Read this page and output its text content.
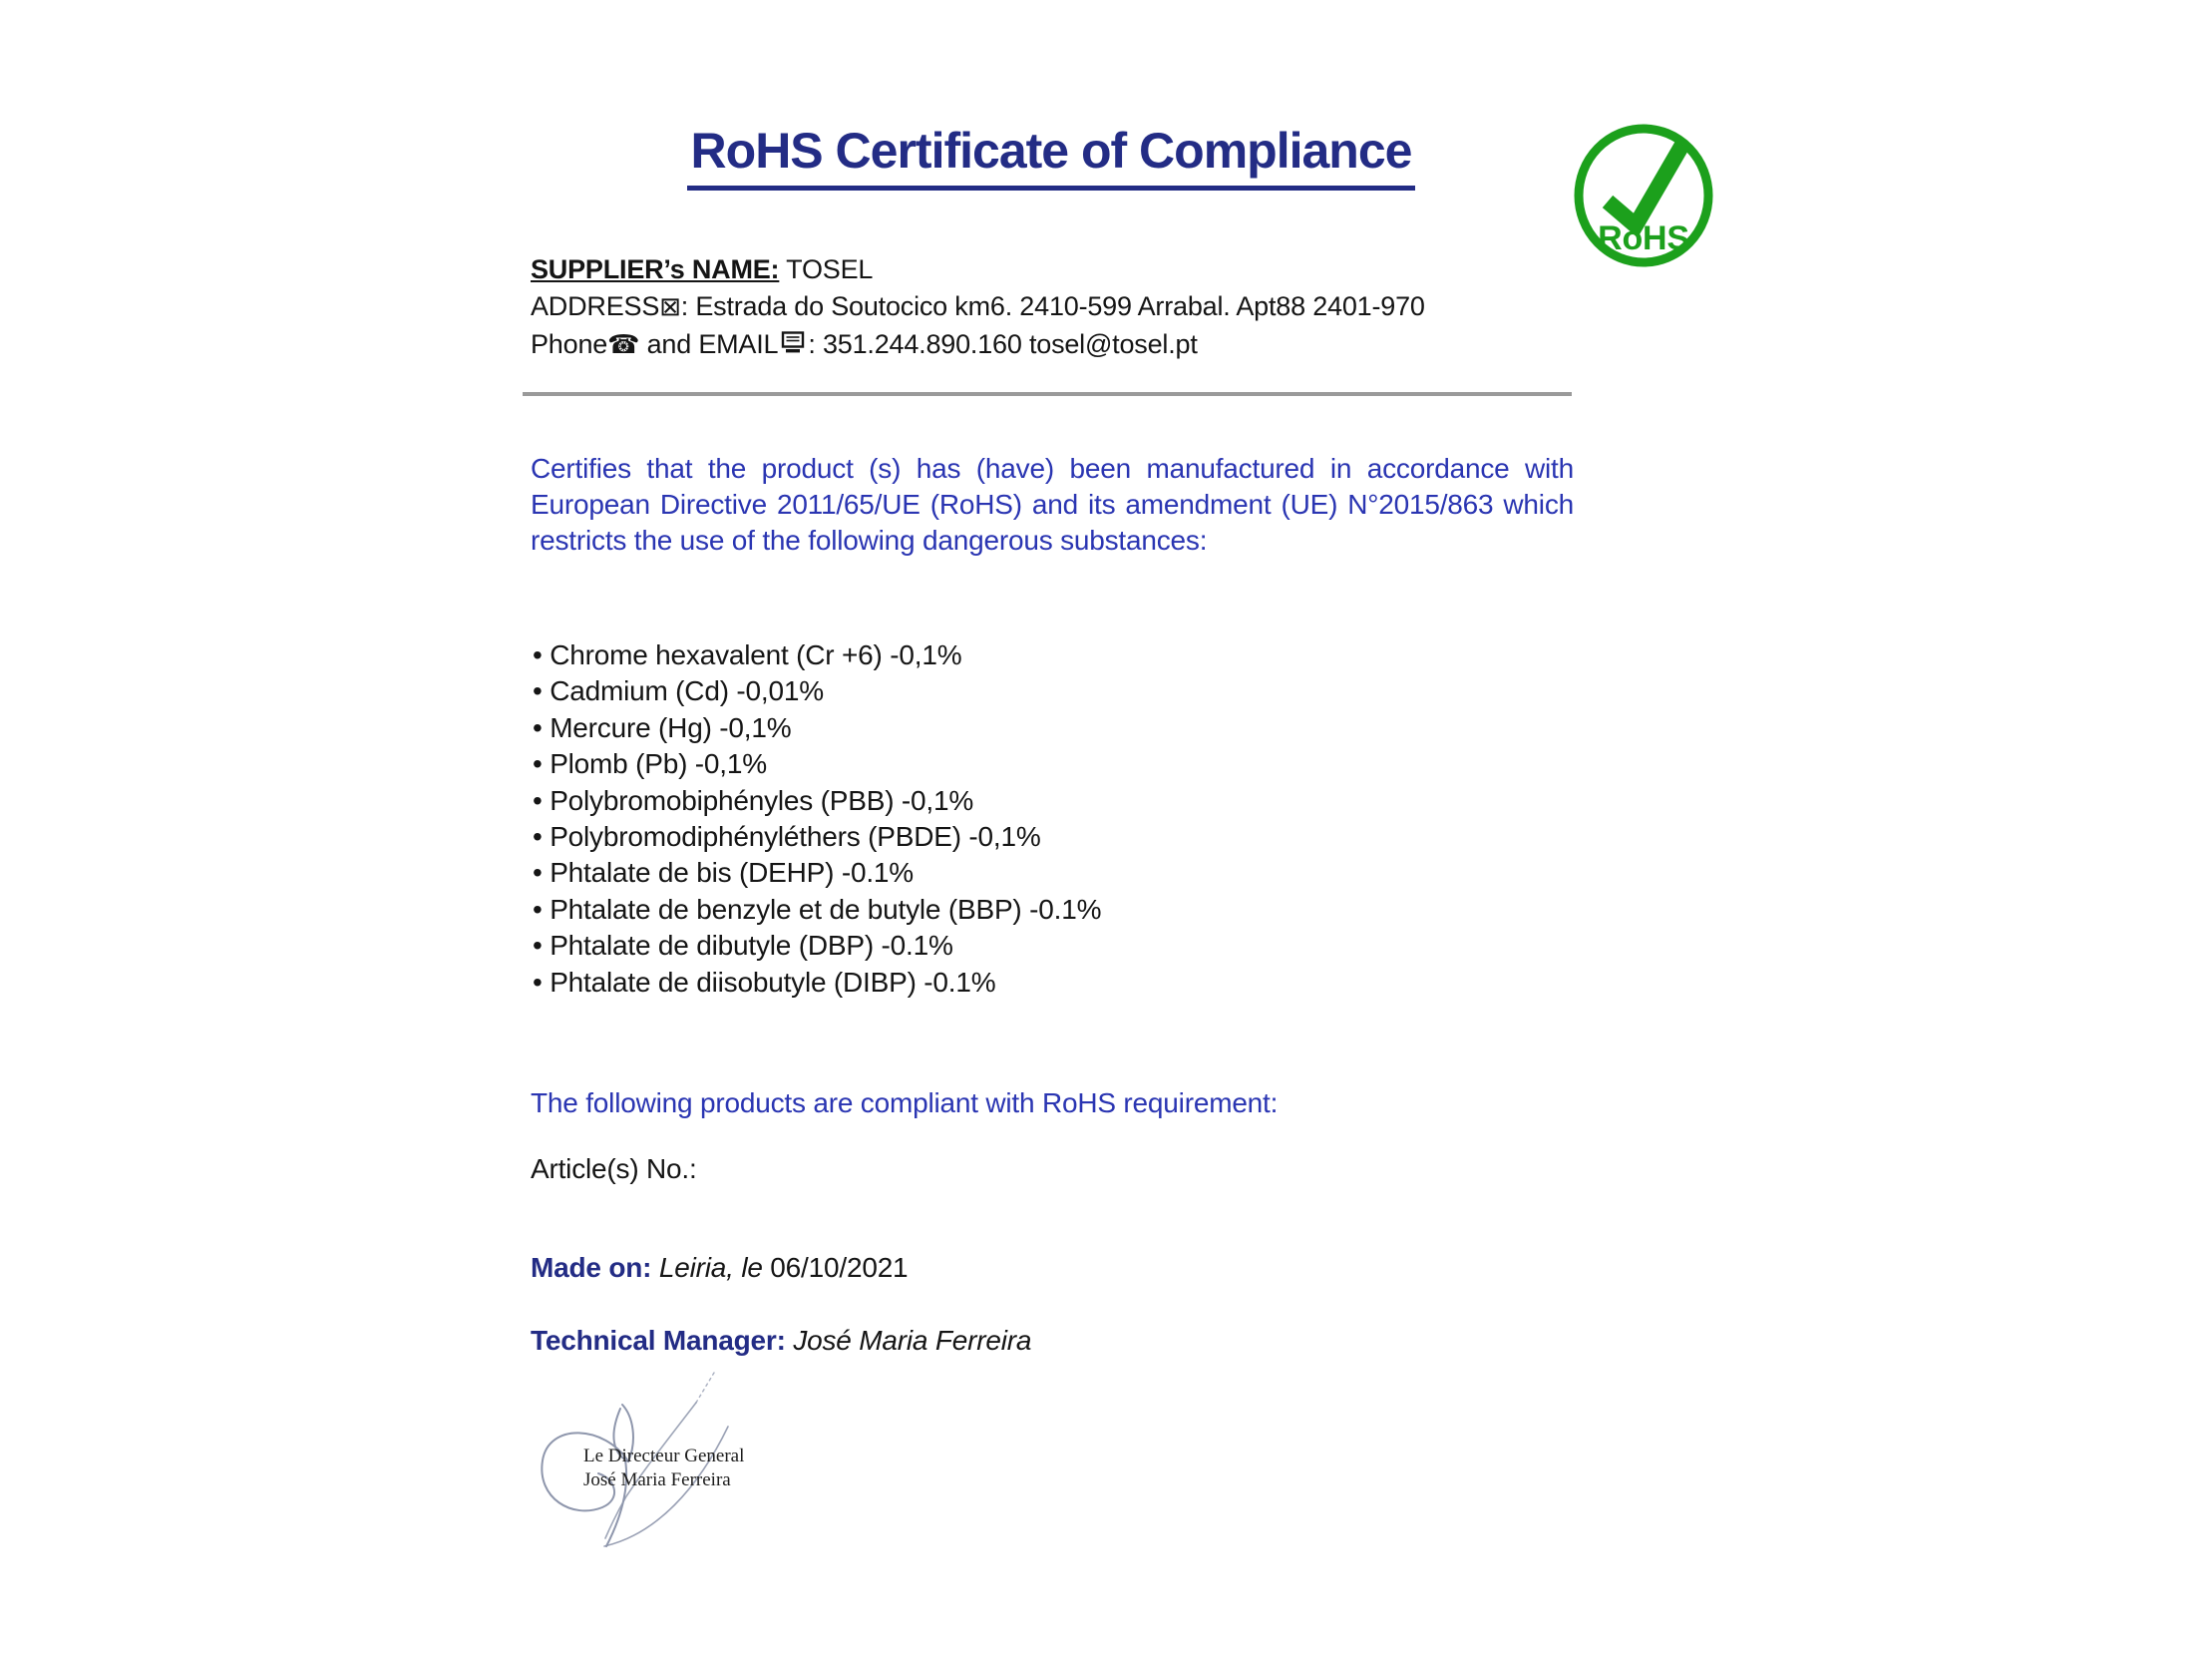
RoHS Certificate of Compliance
RoHS
SUPPLIER’s NAME: TOSEL
ADDRESS⊠: Estrada do Soutocico km6. 2410-599 Arrabal. Apt88 2401-970
Phone☎ and EMAIL : 351.244.890.160 tosel@tosel.pt
Certifies that the product (s) has (have) been manufactured in accordance with European Directive 2011/65/UE (RoHS) and its amendment (UE) N°2015/863 which restricts the use of the following dangerous substances:
• Chrome hexavalent (Cr +6) -0,1%
• Cadmium (Cd) -0,01%
• Mercure (Hg) -0,1%
• Plomb (Pb) -0,1%
• Polybromobiphényles (PBB) -0,1%
• Polybromodiphényléthers (PBDE) -0,1%
• Phtalate de bis (DEHP) -0.1%
• Phtalate de benzyle et de butyle (BBP) -0.1%
• Phtalate de dibutyle (DBP) -0.1%
• Phtalate de diisobutyle (DIBP) -0.1%
The following products are compliant with RoHS requirement:
Article(s) No.:
Made on: Leiria, le 06/10/2021
Technical Manager: José Maria Ferreira
Le Directeur General
José Maria Ferreira
